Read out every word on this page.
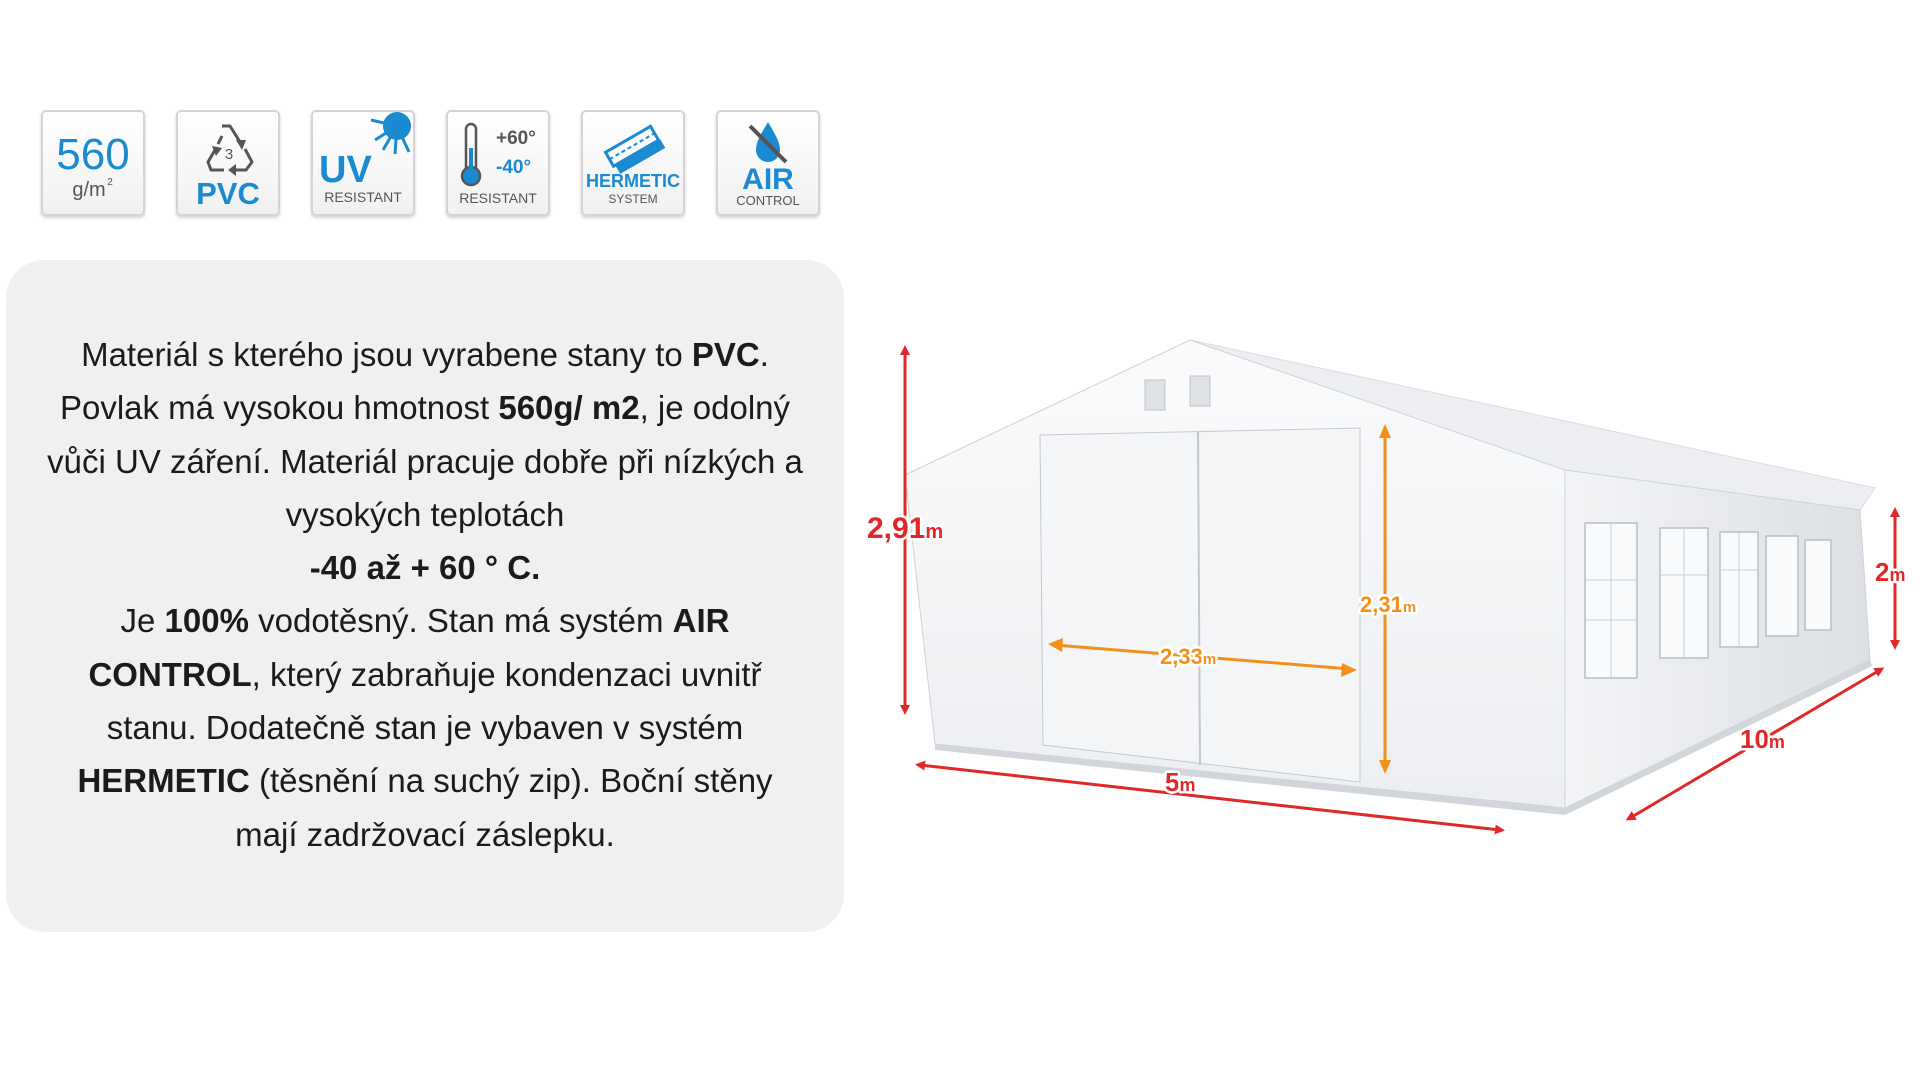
560
g/m 2
3
PVC
UV
RESISTANT
+60°
-40°
RESISTANT
HERMETIC
SYSTEM
AIR
CONTROL
Materiál s kterého jsou vyrabene stany to PVC. Povlak má vysokou hmotnost 560g/ m2, je odolný vůči UV záření. Materiál pracuje dobře při nízkých a vysokých teplotách
-40 až + 60 ° C.
Je 100% vodotěsný. Stan má systém AIR CONTROL, který zabraňuje kondenzaci uvnitř stanu. Dodatečně stan je vybaven v systém HERMETIC (těsnění na suchý zip). Boční stěny mají zadržovací záslepku.
2,91m
2m
2,31m
2,33m
5m
10m
